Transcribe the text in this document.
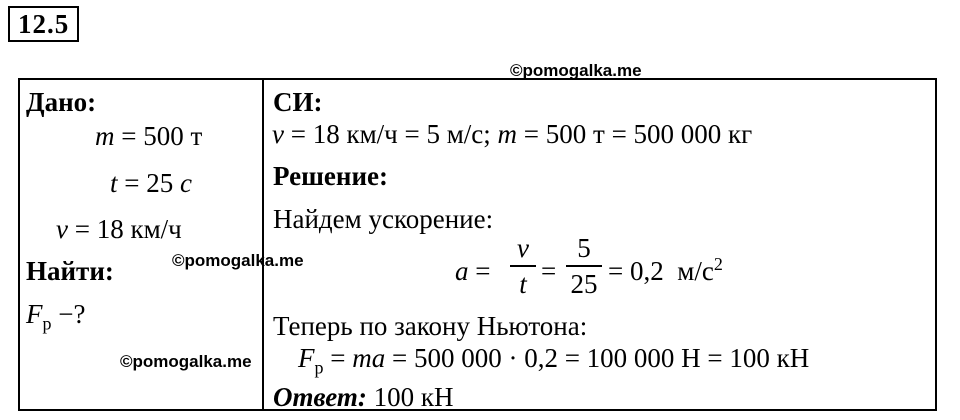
12.5
Дано:
m = 500 т
t = 25 с
v = 18 км/ч
Найти:
$F_р$ −?
СИ:
v = 18 км/ч = 5 м/с; m = 500 т = 500 000 кг
Решение:
Найдем ускорение:
a =
v
t =
5
25 = 0,2  $м/с^2$
Теперь по закону Ньютона:
$F_р$ = ma = 500 000 · 0,2 = 100 000 Н = 100 кН
Ответ: 100 кН
©pomogalka.me
©pomogalka.me
©pomogalka.me
